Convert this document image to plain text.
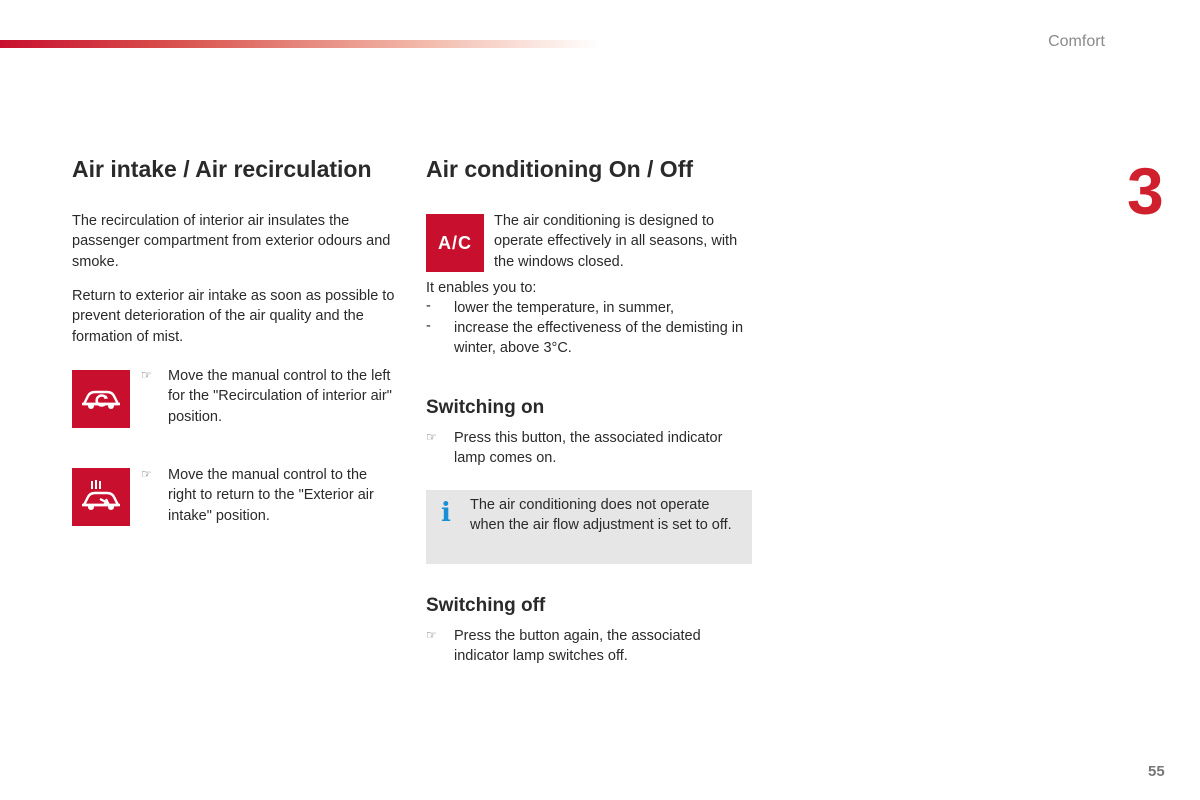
Comfort
3
55
Air intake / Air recirculation

The recirculation of interior air insulates the passenger compartment from exterior odours and smoke.

Return to exterior air intake as soon as possible to prevent deterioration of the air quality and the formation of mist.

☞ Move the manual control to the left for the "Recirculation of interior air" position.

☞ Move the manual control to the right to return to the "Exterior air intake" position.

Air conditioning On / Off
A/C

The air conditioning is designed to operate effectively in all seasons, with the windows closed.

It enables you to:

- lower the temperature, in summer,

- increase the effectiveness of the demisting in winter, above 3°C.

Switching on
☞ Press this button, the associated indicator lamp comes on.

i The air conditioning does not operate when the air flow adjustment is set to off.

Switching off
☞ Press the button again, the associated indicator lamp switches off.
